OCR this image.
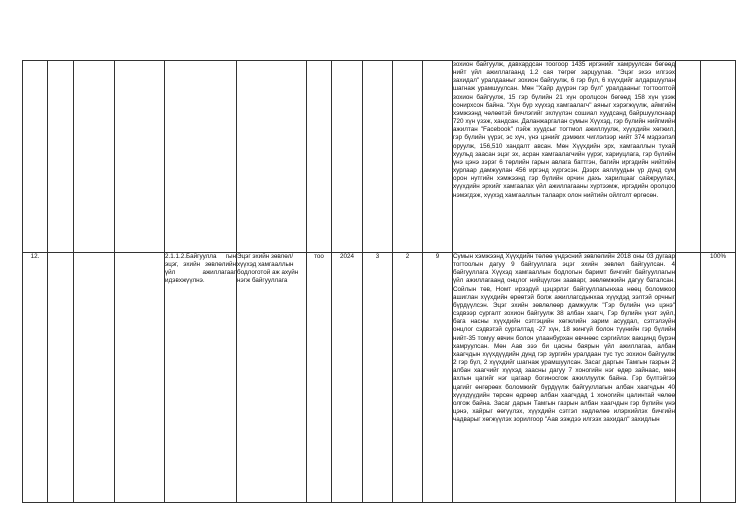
											зохион байгуулж, давхардсан тоогоор 1435 иргэнийг хамруулсан бөгөөд нийт үйл ажиллагаанд 1.2 сая төгрөг зарцуулав. "Эцэг эхээ илгээх захидал" уралдааныг зохион байгуулж, 6 гэр бүл, 6 хүүхдийг алдаршуулан шагнаж урамшуулсан. Мөн "Хайр дүүрэн гэр бүл" уралдааныг тогтоолтой зохион байгуулж, 15 гэр бүлийн 21 хүн оролцсон бөгөөд 158 хүн үзэж сонирхсон байна. "Хүн бүр хүүхэд хамгаалагч" аяныг хэрэгжүүлж, аймгийн хэмжээнд чөлөөтэй бичлэгийг эхлүүлэн сошиал хуудсанд байршуулснаар 720 хүн үзэж, хандсан. Даланжаргалан сумын Хүүхэд, гэр бүлийн нийгмийн ажилтан "Facebook" пэйж хуудсыг тогтмол ажиллуулж, хүүхдийн хөгжил, гэр бүлийн үүрэг, эс хүч, үнэ цэнийг дэмжих чиглэлээр нийт 374 мэдээлэл оруулж, 156,510 хандалт авсан. Мөн Хүүхдийн эрх, хамгааллын тухай хуульд заасан эцэг эх, асран хамгаалагчийн үүрэг, хариуцлага, гэр бүлийн үнэ цэнэ зэрэг 6 төрлийн гарын авлага баттгэн, багийн иргэдийн нийтийн хурлаар дамжуулан 456 иргэнд хүргэсэн. Дээрх аяллуудын үр дүнд сум орон нутгийн хэмжээнд гэр бүлийн орчин дахь харилцааг сайжруулах, хүүхдийн эрхийг хамгаалах үйл ажиллагааны хүртээмж, иргэдийн оролцоо нэмэгдэж, хүүхэд хамгааллын талаарх олон нийтийн ойлголт өргөсөн.		
12.				2.1.1.2.Байгуулла гын эцэг, эхийн зөвлөлийн үйл ажиллагааг идэвхжүүлнэ.	Эцэг эхийн зөвлөл/ хүүхэд хамгааллын бодлоготой аж ахуйн нэгж байгууллага	тоо	2024	3	2	9	Сумын хэмжээнд Хүүхдийн төлөө үндэсний зөвлөлийн 2018 оны 03 дугаар тогтоолын дагуу 9 байгууллага эцэг эхийн зөвлөл байгуулсан. 4 байгууллага Хүүхэд хамгааллын бодлогын баримт бичгийг байгууллагын үйл ажиллагаанд онцлог нийцүүлэн зааварг, зөвлөмжийн дагуу баталсан. Сойлын төв, Номт ирээдүй цэцэрлэг байгууллагынхаа нөөц боломжоо ашиглан хүүхдийн өрөөтэй болж ажиллагсдынхаа хүүхдэд ээлтэй орчныг бүрдүүлсэн. Эцэг эхийн зөвлөлөөр дамжуулж "Гэр бүлийн үнэ цэнэ" сэдвээр сургалт зохион байгуулж 38 албан хаагч, Гэр бүлийн үнэт зүйл, бага насны хүүхдийн сэтгэцийн хөгжлийн зарим асуудал, сэтгэлзүйн онцлог сэдвэтэй сургалтад -27 хүн, 18 жингүй болон түүнийн гэр бүлийн нийт-35 томуу өвчин болон улаанбурхан өвчнөөс сэргийлэх вакцинд бүрэн хамруулсан. Мөн Аав эээ би цасны баярын үйл ажиллагаа, албан хаагчдын хүүхдүүдийн дунд гэр зургийн уралдаан тус тус зохион байгуулж 2 гэр бүл, 2 хүүхдийг шагнаж урамшуулсан. Засаг даргын Тамгын газрын 2 албан хаагчийг хүүхэд заасны дагуу 7 хоногийн нэг өдөр зайнаас, мөн ахлын цагийг нэг цагаар богиносгож ажиллуулж байна. Гэр бүлтэйгээ цагийг өнгөрөөх боломжийг бүрдүүлж байгууллагын албан хаагчдын 40 хүүхдүүдийн төрсөн өдрөөр албан хаагчдад 1 хоногийн цалинтай чөлөө олгож байна. Засаг дарын Тамгын газрын албан хаагчдын гэр бүлийн үнэ цэнэ, хайрыг өөгүүлэх, хүүхдийн сэтгэл хөдлөлөө илэрхийлэх бичгийн чадварыг хөгжүүлэх зорилгоор "Аав ээждээ илгээх захидал" захидлын		100%
